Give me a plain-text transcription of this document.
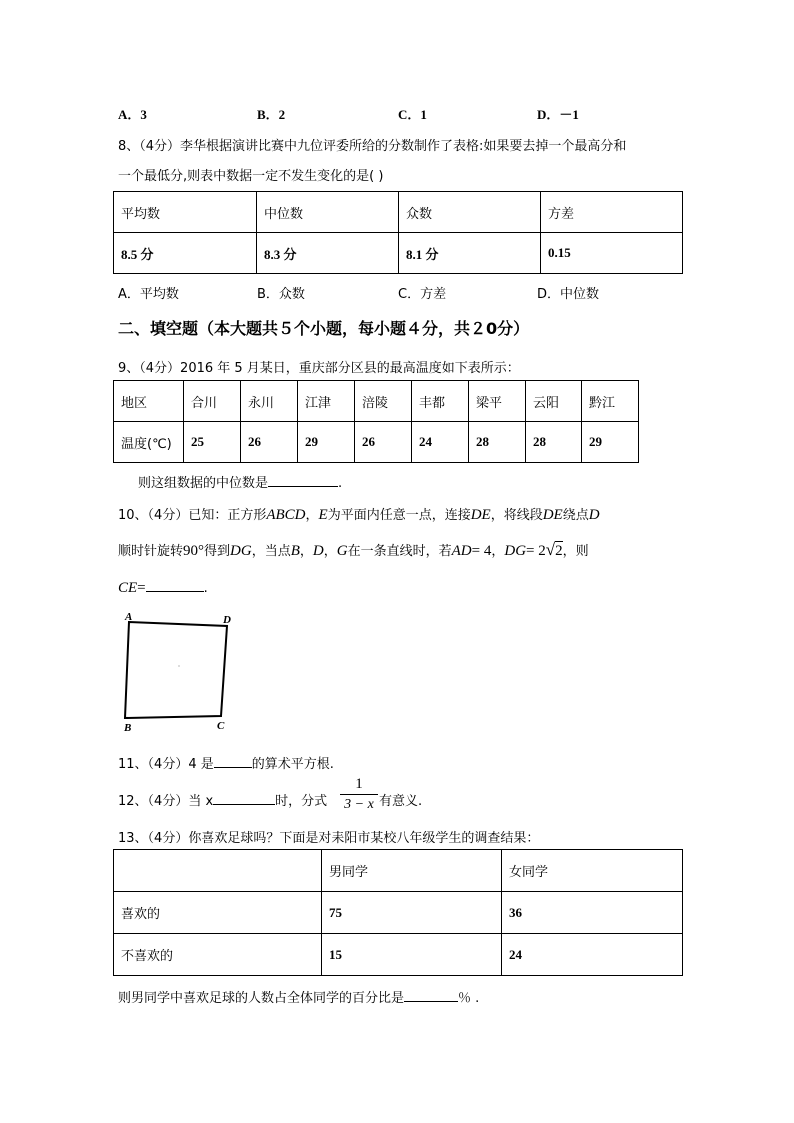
A．3	B．2	C．1	D．－1
8、（4分）李华根据演讲比赛中九位评委所给的分数制作了表格:如果要去掉一个最高分和
一个最低分,则表中数据一定不发生变化的是( )
平均数	中位数	众数	方差
8.5 分	8.3 分	8.1 分	0.15
A．平均数	B．众数	C．方差	D．中位数
二、填空题（本大题共５个小题，每小题４分，共２0分）
9、（4分）2016 年 5 月某日，重庆部分区县的最高温度如下表所示：
地区	合川	永川	江津	涪陵	丰都	梁平	云阳	黔江
温度(℃)	25	26	29	26	24	28	28	29
则这组数据的中位数是	.
10、（4分）已知：正方形ABCD，E为平面内任意一点，连接DE，将线段DE绕点D
顺时针旋转90°得到DG，当点B，D，G在一条直线时，若AD= 4，DG= 2√2，则
CE=	.
A	D
B	C
11、（4分）4 是	的算术平方根.
12、（4分）当 x	时，分式
1
3 − x 有意义.
13、（4分）你喜欢足球吗？下面是对耒阳市某校八年级学生的调查结果：
	男同学	女同学
喜欢的	75	36
不喜欢的	15	24
则男同学中喜欢足球的人数占全体同学的百分比是	％ .
